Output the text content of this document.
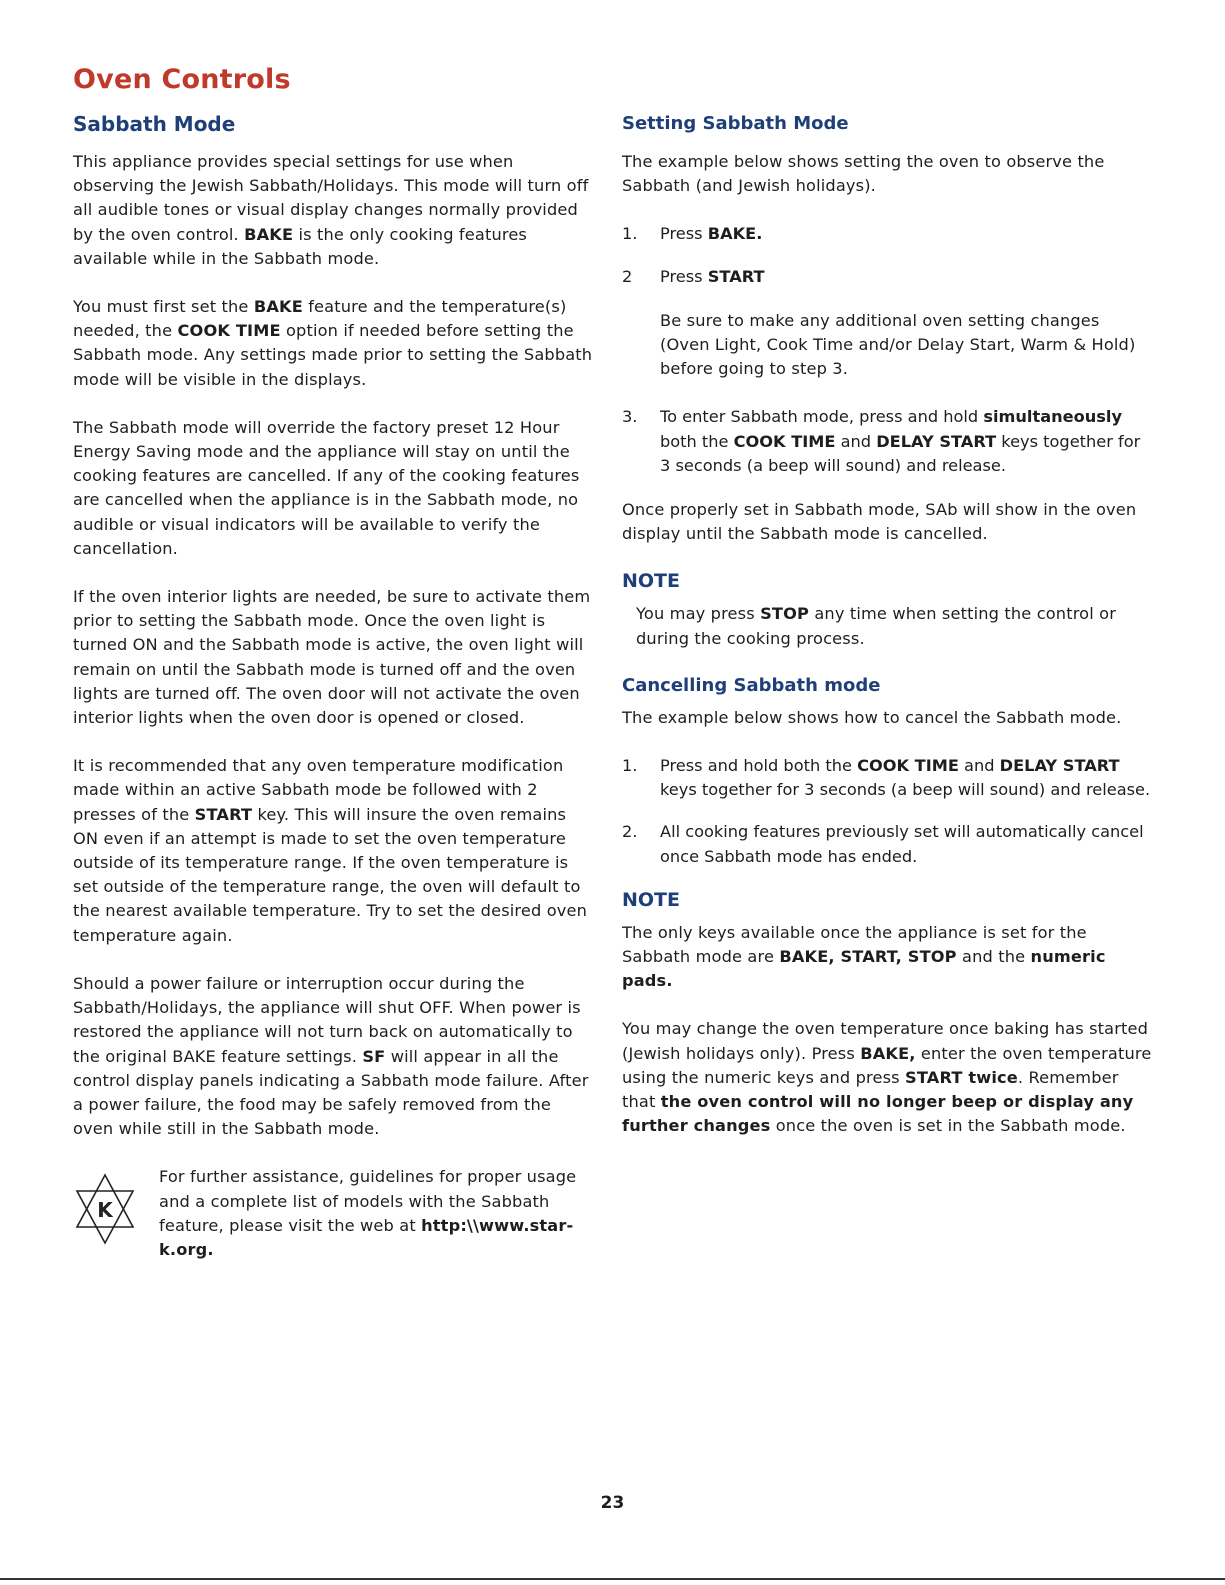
Oven Controls
Sabbath Mode

This appliance provides special settings for use when observing the Jewish Sabbath/Holidays. This mode will turn off all audible tones or visual display changes normally provided by the oven control. BAKE is the only cooking features available while in the Sabbath mode.

You must first set the BAKE feature and the temperature(s) needed, the COOK TIME option if needed before setting the Sabbath mode. Any settings made prior to setting the Sabbath mode will be visible in the displays.

The Sabbath mode will override the factory preset 12 Hour Energy Saving mode and the appliance will stay on until the cooking features are cancelled. If any of the cooking features are cancelled when the appliance is in the Sabbath mode, no audible or visual indicators will be available to verify the cancellation.

If the oven interior lights are needed, be sure to activate them prior to setting the Sabbath mode. Once the oven light is turned ON and the Sabbath mode is active, the oven light will remain on until the Sabbath mode is turned off and the oven lights are turned off. The oven door will not activate the oven interior lights when the oven door is opened or closed.

It is recommended that any oven temperature modification made within an active Sabbath mode be followed with 2 presses of the START key. This will insure the oven remains ON even if an attempt is made to set the oven temperature outside of its temperature range. If the oven temperature is set outside of the temperature range, the oven will default to the nearest available temperature. Try to set the desired oven temperature again.

Should a power failure or interruption occur during the Sabbath/Holidays, the appliance will shut OFF. When power is restored the appliance will not turn back on automatically to the original BAKE feature settings. SF will appear in all the control display panels indicating a Sabbath mode failure. After a power failure, the food may be safely removed from the oven while still in the Sabbath mode.

K

For further assistance, guidelines for proper usage and a complete list of models with the Sabbath feature, please visit the web at http:\\www.star-k.org.

Setting Sabbath Mode

The example below shows setting the oven to observe the Sabbath (and Jewish holidays).

1. Press BAKE.
2 Press START

Be sure to make any additional oven setting changes (Oven Light, Cook Time and/or Delay Start, Warm & Hold) before going to step 3.

3. To enter Sabbath mode, press and hold simultaneously both the COOK TIME and DELAY START keys together for 3 seconds (a beep will sound) and release.

Once properly set in Sabbath mode, SAb will show in the oven display until the Sabbath mode is cancelled.

NOTE

You may press STOP any time when setting the control or during the cooking process.

Cancelling Sabbath mode

The example below shows how to cancel the Sabbath mode.

1. Press and hold both the COOK TIME and DELAY START keys together for 3 seconds (a beep will sound) and release.
2. All cooking features previously set will automatically cancel once Sabbath mode has ended.
NOTE

The only keys available once the appliance is set for the Sabbath mode are BAKE, START, STOP and the numeric pads.

You may change the oven temperature once baking has started (Jewish holidays only). Press BAKE, enter the oven temperature using the numeric keys and press START twice. Remember that the oven control will no longer beep or display any further changes once the oven is set in the Sabbath mode.

23
